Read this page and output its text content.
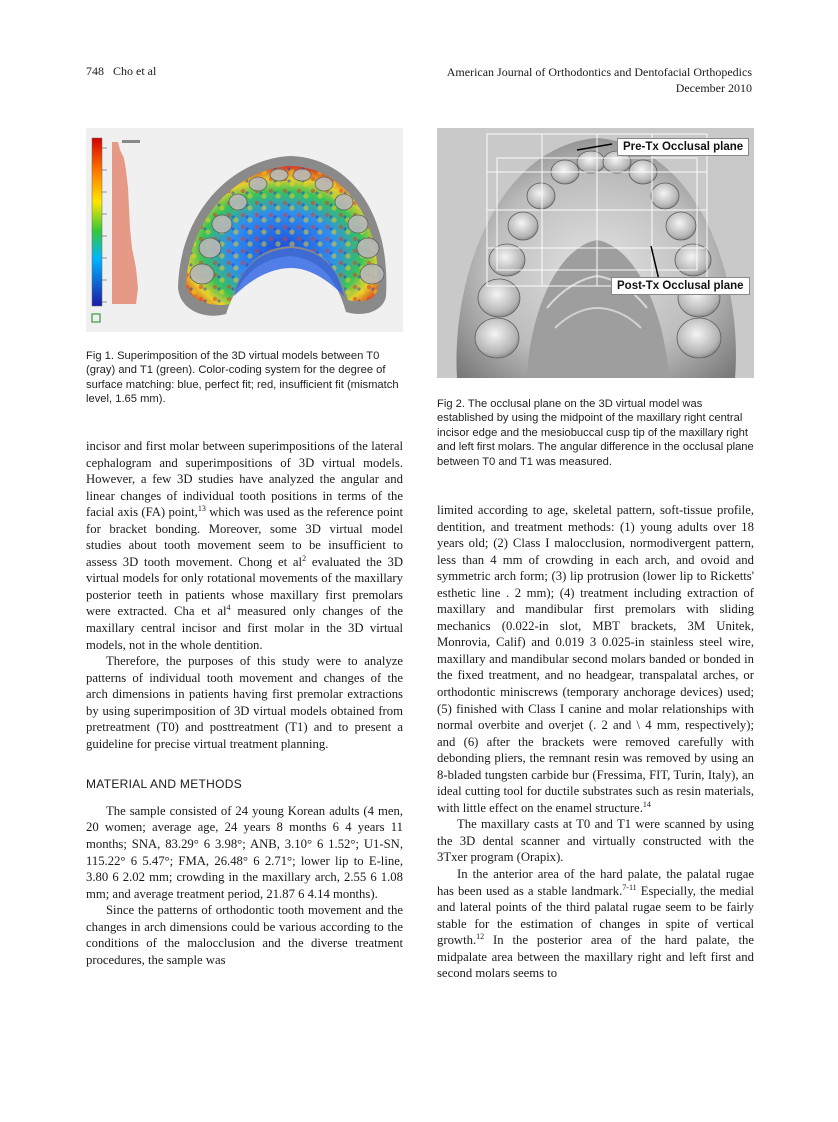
748 Cho et al	American Journal of Orthodontics and Dentofacial Orthopedics
December 2010
Fig 1. Superimposition of the 3D virtual models between T0 (gray) and T1 (green). Color-coding system for the degree of surface matching: blue, perfect fit; red, insufficient fit (mismatch level, 1.65 mm).
Pre-Tx Occlusal plane
Post-Tx Occlusal plane
Fig 2. The occlusal plane on the 3D virtual model was established by using the midpoint of the maxillary right central incisor edge and the mesiobuccal cusp tip of the maxillary right and left first molars. The angular difference in the occlusal plane between T0 and T1 was measured.

incisor and first molar between superimpositions of the lateral cephalogram and superimpositions of 3D virtual models. However, a few 3D studies have analyzed the angular and linear changes of individual tooth positions in terms of the facial axis (FA) point,$^{13}$ which was used as the reference point for bracket bonding. Moreover, some 3D virtual model studies about tooth movement seem to be insufficient to assess 3D tooth movement. Chong et $al^2$ evaluated the 3D virtual models for only rotational movements of the maxillary posterior teeth in patients whose maxillary first premolars were extracted. Cha et $al^4$ measured only changes of the maxillary central incisor and first molar in the 3D virtual models, not in the whole dentition.

Therefore, the purposes of this study were to analyze patterns of individual tooth movement and changes of the arch dimensions in patients having first premolar extractions by using superimposition of 3D virtual models obtained from pretreatment (T0) and posttreatment (T1) and to present a guideline for precise virtual treatment planning.

MATERIAL AND METHODS

The sample consisted of 24 young Korean adults (4 men, 20 women; average age, 24 years 8 months 6 4 years 11 months; SNA, 83.29° 6 3.98°; ANB, 3.10° 6 1.52°; U1-SN, 115.22° 6 5.47°; FMA, 26.48° 6 2.71°; lower lip to E-line, 3.80 6 2.02 mm; crowding in the maxillary arch, 2.55 6 1.08 mm; and average treatment period, 21.87 6 4.14 months).

Since the patterns of orthodontic tooth movement and the changes in arch dimensions could be various according to the conditions of the malocclusion and the diverse treatment procedures, the sample was

limited according to age, skeletal pattern, soft-tissue profile, dentition, and treatment methods: (1) young adults over 18 years old; (2) Class I malocclusion, normodivergent pattern, less than 4 mm of crowding in each arch, and ovoid and symmetric arch form; (3) lip protrusion (lower lip to Ricketts' esthetic line . 2 mm); (4) treatment including extraction of maxillary and mandibular first premolars with sliding mechanics (0.022-in slot, MBT brackets, 3M Unitek, Monrovia, Calif) and 0.019 3 0.025-in stainless steel wire, maxillary and mandibular second molars banded or bonded in the fixed treatment, and no headgear, transpalatal arches, or orthodontic miniscrews (temporary anchorage devices) used; (5) finished with Class I canine and molar relationships with normal overbite and overjet (. 2 and \ 4 mm, respectively); and (6) after the brackets were removed carefully with debonding pliers, the remnant resin was removed by using an 8-bladed tungsten carbide bur (Fressima, FIT, Turin, Italy), an ideal cutting tool for ductile substrates such as resin materials, with little effect on the enamel structure.$^{14}$

The maxillary casts at T0 and T1 were scanned by using the 3D dental scanner and virtually constructed with the 3Txer program (Orapix).

In the anterior area of the hard palate, the palatal rugae has been used as a stable landmark.$^{7-11}$ Especially, the medial and lateral points of the third palatal rugae seem to be fairly stable for the estimation of changes in spite of vertical growth.$^{12}$ In the posterior area of the hard palate, the midpalate area between the maxillary right and left first and second molars seems to
